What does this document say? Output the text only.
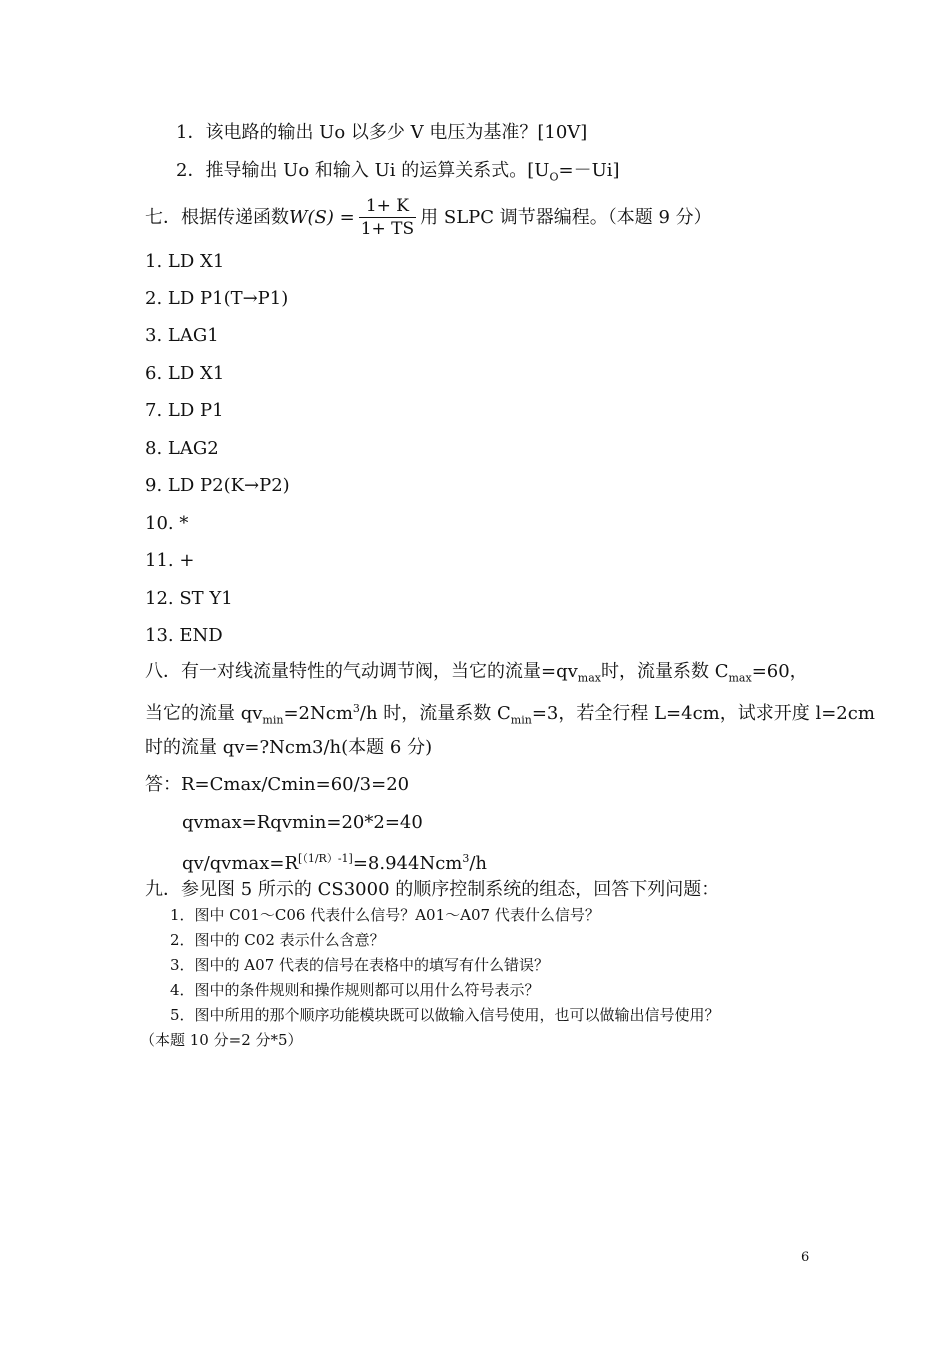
1．该电路的输出 Uo 以多少 V 电压为基准？[10V]
2．推导输出 Uo 和输入 Ui 的运算关系式。$[U_O=-Ui]$
七．根据传递函数$W(S) = \frac{1+ K}{1+ TS}$ 用 SLPC 调节器编程。（本题 9 分）
1. LD X1
2. LD P1(T→P1)
3. LAG1
6. LD X1
7. LD P1
8. LAG2
9. LD P2(K→P2)
10. *
11. +
12. ST Y1
13. END
八．有一对线流量特性的气动调节阀，当它的流量$=qv_{max}$时，流量系数 $C_{max}=60$，
当它的流量 $qv_{min}=2Ncm^3/h$ 时，流量系数 $C_{min}=3$，若全行程 L=4cm，试求开度 l=2cm
时的流量 qv=?Ncm3/h(本题 6 分)
答：R=Cmax/Cmin=60/3=20
qvmax=Rqvmin=20*2=40
qv/qvmax=R[（1/R）-1]=8.944Ncm$^3$/h
九．参见图 5 所示的 CS3000 的顺序控制系统的组态，回答下列问题：
1．图中 C01～C06 代表什么信号？A01～A07 代表什么信号？
2．图中的 C02 表示什么含意？
3．图中的 A07 代表的信号在表格中的填写有什么错误？
4．图中的条件规则和操作规则都可以用什么符号表示？
5．图中所用的那个顺序功能模块既可以做输入信号使用，也可以做输出信号使用？
（本题 10 分=2 分*5）
6
